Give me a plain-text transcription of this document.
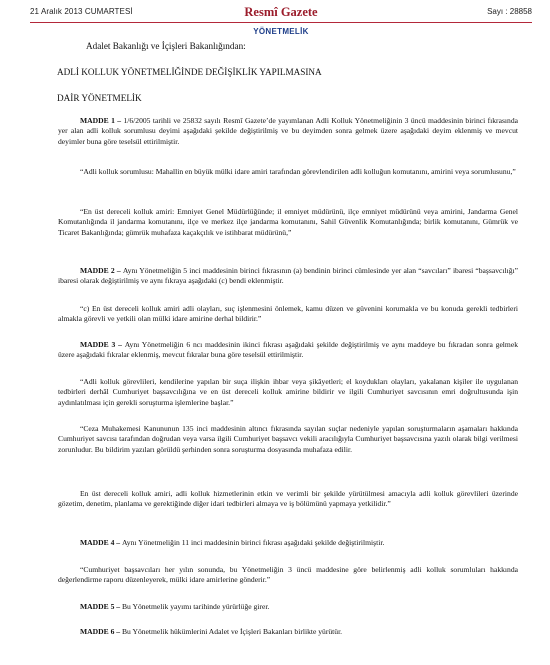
21 Aralık 2013 CUMARTESİ	Resmî Gazete	Sayı : 28858
YÖNETMELİK

Adalet Bakanlığı ve İçişleri Bakanlığından:

ADLİ KOLLUK YÖNETMELİĞİNDE DEĞİŞİKLİK YAPILMASINA

DAİR YÖNETMELİK

MADDE 1 – 1/6/2005 tarihli ve 25832 sayılı Resmî Gazete’de yayımlanan Adli Kolluk Yönetmeliğinin 3 üncü maddesinin birinci fıkrasında yer alan adli kolluk sorumlusu deyimi aşağıdaki şekilde değiştirilmiş ve bu deyimden sonra gelmek üzere aşağıdaki deyim eklenmiş ve mevcut deyimler buna göre teselsül ettirilmiştir.

“Adli kolluk sorumlusu: Mahallin en büyük mülki idare amiri tarafından görevlendirilen adli kolluğun komutanını, amirini veya sorumlusunu,”

“En üst dereceli kolluk amiri: Emniyet Genel Müdürlüğünde; il emniyet müdürünü, ilçe emniyet müdürünü veya amirini, Jandarma Genel Komutanlığında il jandarma komutanını, ilçe ve merkez ilçe jandarma komutanını, Sahil Güvenlik Komutanlığında; birlik komutanını, Gümrük ve Ticaret Bakanlığında; gümrük muhafaza kaçakçılık ve istihbarat müdürünü,”

MADDE 2 – Aynı Yönetmeliğin 5 inci maddesinin birinci fıkrasının (a) bendinin birinci cümlesinde yer alan “savcıları” ibaresi “başsavcılığı” ibaresi olarak değiştirilmiş ve aynı fıkraya aşağıdaki (c) bendi eklenmiştir.

“c) En üst dereceli kolluk amiri adli olayları, suç işlenmesini önlemek, kamu düzen ve güvenini korumakla ve bu konuda gerekli tedbirleri almakla görevli ve yetkili olan mülki idare amirine derhal bildirir.”

MADDE 3 – Aynı Yönetmeliğin 6 ncı maddesinin ikinci fıkrası aşağıdaki şekilde değiştirilmiş ve aynı maddeye bu fıkradan sonra gelmek üzere aşağıdaki fıkralar eklenmiş, mevcut fıkralar buna göre teselsül ettirilmiştir.

“Adli kolluk görevlileri, kendilerine yapılan bir suça ilişkin ihbar veya şikâyetleri; el koydukları olayları, yakalanan kişiler ile uygulanan tedbirleri derhâl Cumhuriyet başsavcılığına ve en üst dereceli kolluk amirine bildirir ve ilgili Cumhuriyet savcısının emri doğrultusunda işin aydınlatılması için gerekli soruşturma işlemlerine başlar.”

“Ceza Muhakemesi Kanununun 135 inci maddesinin altıncı fıkrasında sayılan suçlar nedeniyle yapılan soruşturmaların aşamaları hakkında Cumhuriyet savcısı tarafından doğrudan veya varsa ilgili Cumhuriyet başsavcı vekili aracılığıyla Cumhuriyet başsavcısına yazılı olarak bilgi verilmesi zorunludur. Bu bildirim yazıları görüldü şerhinden sonra soruşturma dosyasında muhafaza edilir.

En üst dereceli kolluk amiri, adli kolluk hizmetlerinin etkin ve verimli bir şekilde yürütülmesi amacıyla adli kolluk görevlileri üzerinde gözetim, denetim, planlama ve gerektiğinde diğer idari tedbirleri almaya ve iş bölümünü yapmaya yetkilidir.”

MADDE 4 – Aynı Yönetmeliğin 11 inci maddesinin birinci fıkrası aşağıdaki şekilde değiştirilmiştir.

“Cumhuriyet başsavcıları her yılın sonunda, bu Yönetmeliğin 3 üncü maddesine göre belirlenmiş adli kolluk sorumluları hakkında değerlendirme raporu düzenleyerek, mülki idare amirlerine gönderir.”

MADDE 5 – Bu Yönetmelik yayımı tarihinde yürürlüğe girer.

MADDE 6 – Bu Yönetmelik hükümlerini Adalet ve İçişleri Bakanları birlikte yürütür.
